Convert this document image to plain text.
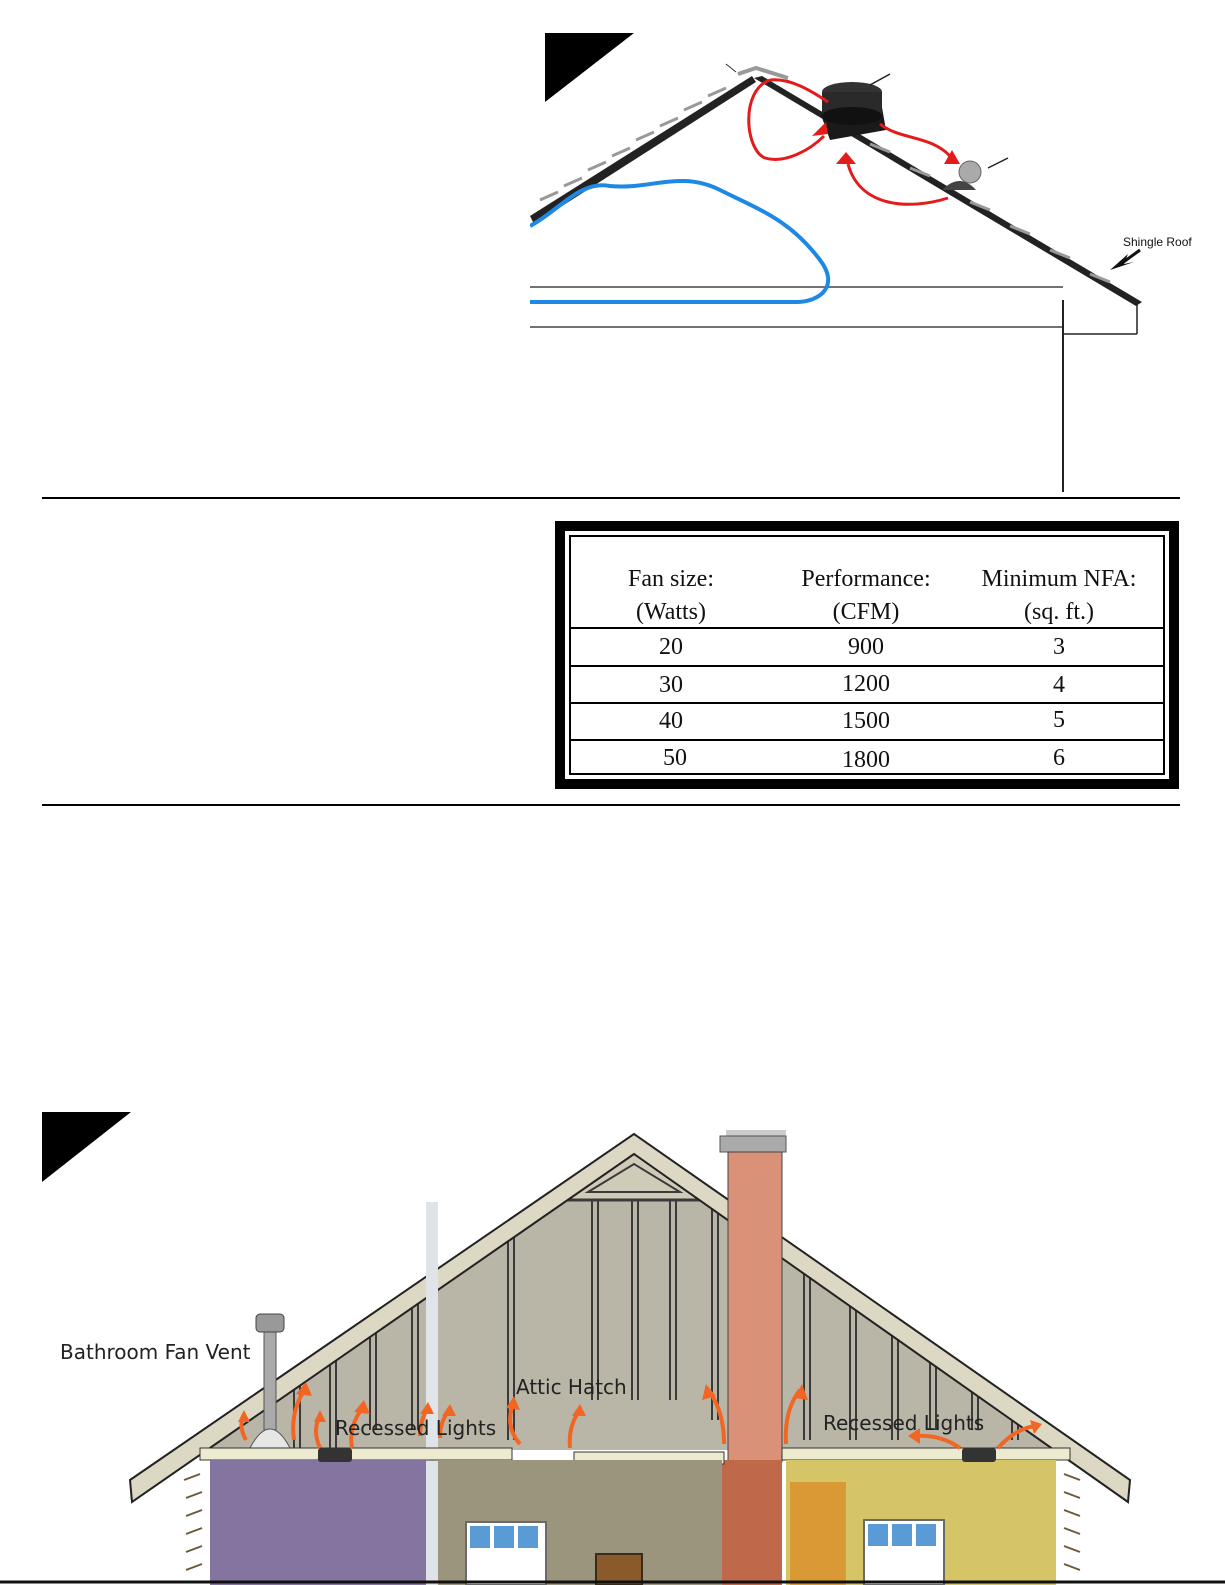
Shingle Roof
Fan size:
(Watts)
Performance:
(CFM)
Minimum NFA:
(sq. ft.)
20	900	3
30	1200	4
40	1500	5
50	1800	6
Bathroom Fan Vent
Attic Hatch
Recessed Lights	Recessed Lights
